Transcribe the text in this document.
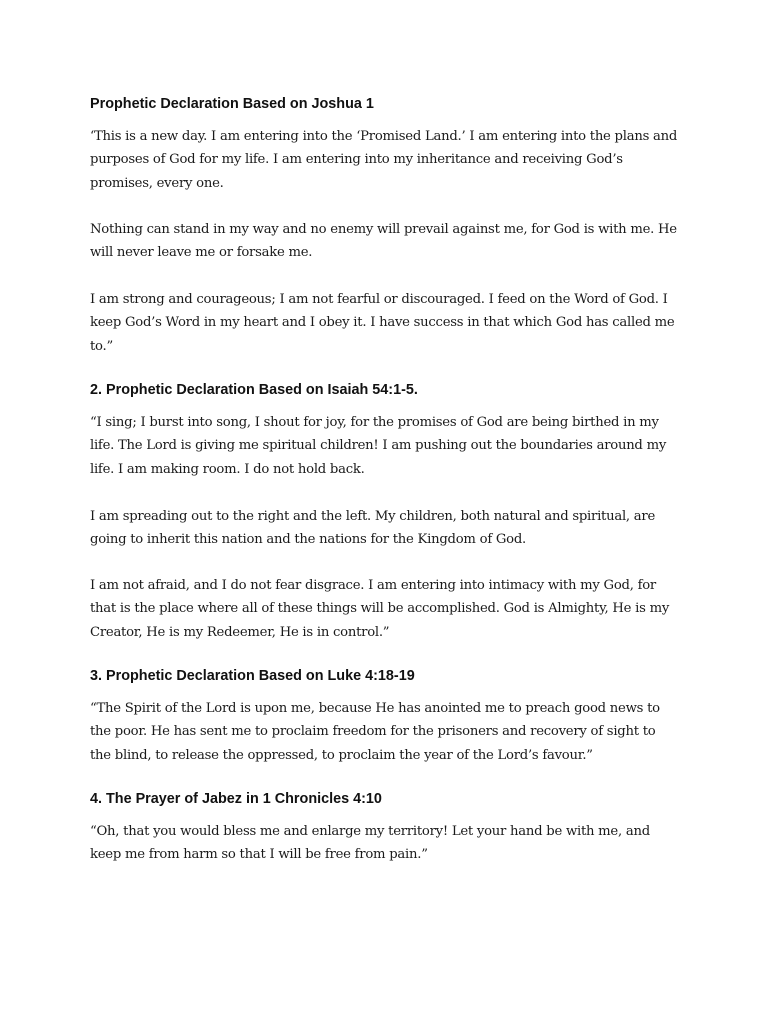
Prophetic Declaration Based on Joshua 1

‘This is a new day. I am entering into the ‘Promised Land.’ I am entering into the plans and purposes of God for my life. I am entering into my inheritance and receiving God’s promises, every one.

Nothing can stand in my way and no enemy will prevail against me, for God is with me. He will never leave me or forsake me.

I am strong and courageous; I am not fearful or discouraged. I feed on the Word of God. I keep God’s Word in my heart and I obey it. I have success in that which God has called me to.”

2. Prophetic Declaration Based on Isaiah 54:1-5.

“I sing; I burst into song, I shout for joy, for the promises of God are being birthed in my life. The Lord is giving me spiritual children! I am pushing out the boundaries around my life. I am making room. I do not hold back.

I am spreading out to the right and the left. My children, both natural and spiritual, are going to inherit this nation and the nations for the Kingdom of God.

I am not afraid, and I do not fear disgrace. I am entering into intimacy with my God, for that is the place where all of these things will be accomplished. God is Almighty, He is my Creator, He is my Redeemer, He is in control.”

3. Prophetic Declaration Based on Luke 4:18-19

“The Spirit of the Lord is upon me, because He has anointed me to preach good news to the poor. He has sent me to proclaim freedom for the prisoners and recovery of sight to the blind, to release the oppressed, to proclaim the year of the Lord’s favour.”

4. The Prayer of Jabez in 1 Chronicles 4:10

“Oh, that you would bless me and enlarge my territory! Let your hand be with me, and keep me from harm so that I will be free from pain.”
